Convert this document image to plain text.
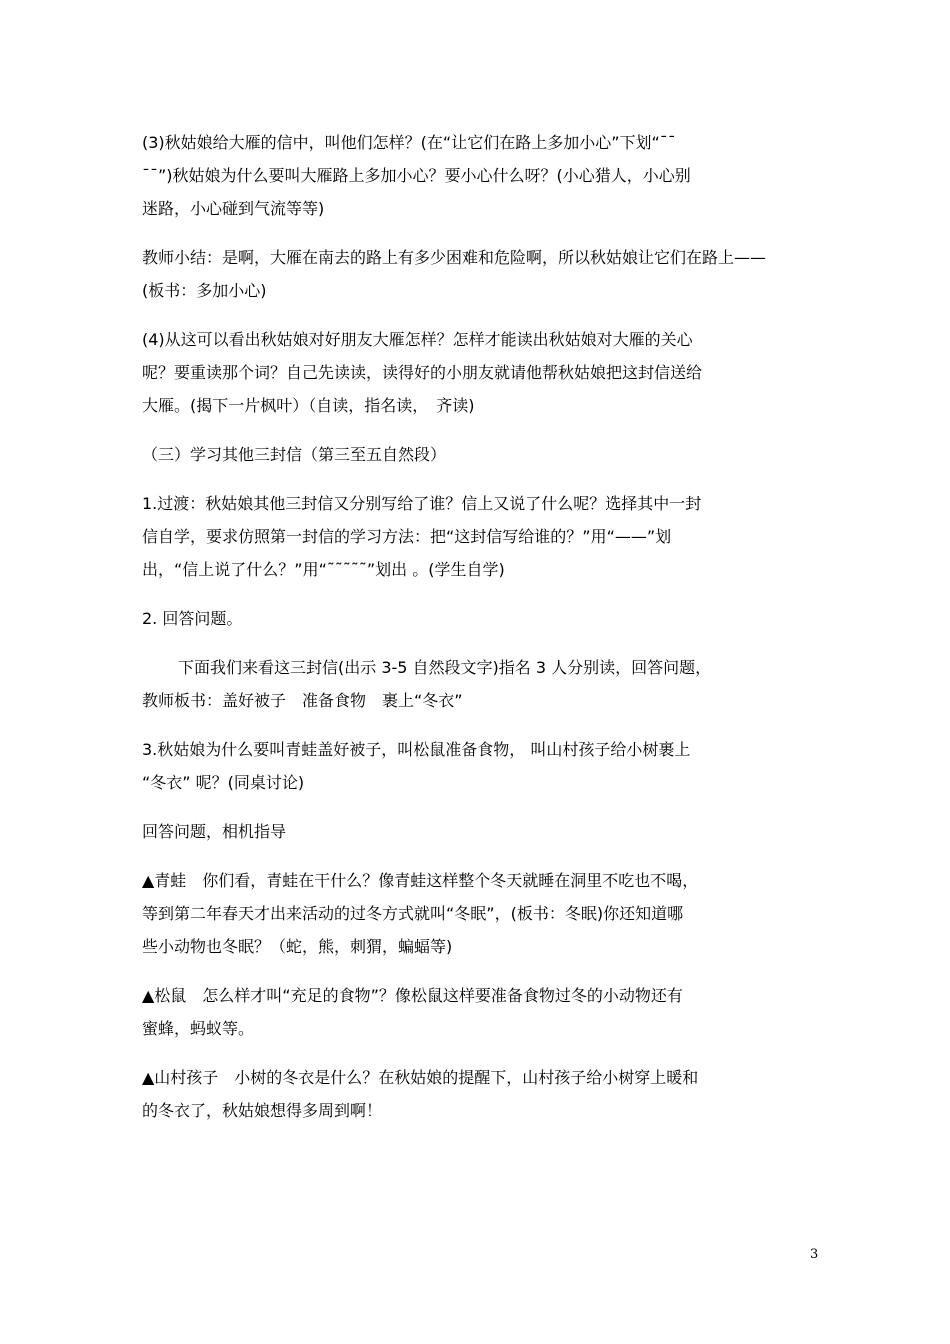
(3)秋姑娘给大雁的信中，叫他们怎样？(在“让它们在路上多加小心”下划“¯¯
¯¯”)秋姑娘为什么要叫大雁路上多加小心？要小心什么呀？(小心猎人，小心别
迷路，小心碰到气流等等)

教师小结：是啊，大雁在南去的路上有多少困难和危险啊，所以秋姑娘让它们在路上——
(板书：多加小心)

(4)从这可以看出秋姑娘对好朋友大雁怎样？怎样才能读出秋姑娘对大雁的关心
呢？要重读那个词？自己先读读，读得好的小朋友就请他帮秋姑娘把这封信送给
大雁。(揭下一片枫叶）（自读，指名读，　齐读)

（三）学习其他三封信（第三至五自然段）

1.过渡：秋姑娘其他三封信又分别写给了谁？信上又说了什么呢？选择其中一封
信自学，要求仿照第一封信的学习方法：把“这封信写给谁的？”用“——”划
出，“信上说了什么？”用“˜˜˜˜˜”划出 。(学生自学)

2. 回答问题。

下面我们来看这三封信(出示 3-5 自然段文字)指名 3 人分别读，回答问题，
教师板书：盖好被子　准备食物　裹上“冬衣”

3.秋姑娘为什么要叫青蛙盖好被子，叫松鼠准备食物， 叫山村孩子给小树裹上
“冬衣” 呢？(同桌讨论)

回答问题，相机指导

▲青蛙　你们看，青蛙在干什么？像青蛙这样整个冬天就睡在洞里不吃也不喝，
等到第二年春天才出来活动的过冬方式就叫“冬眠”，(板书：冬眠)你还知道哪
些小动物也冬眠？（蛇，熊，刺猬，蝙蝠等)

▲松鼠　怎么样才叫“充足的食物”？像松鼠这样要准备食物过冬的小动物还有
蜜蜂，蚂蚁等。

▲山村孩子　小树的冬衣是什么？在秋姑娘的提醒下，山村孩子给小树穿上暖和
的冬衣了，秋姑娘想得多周到啊！

3
